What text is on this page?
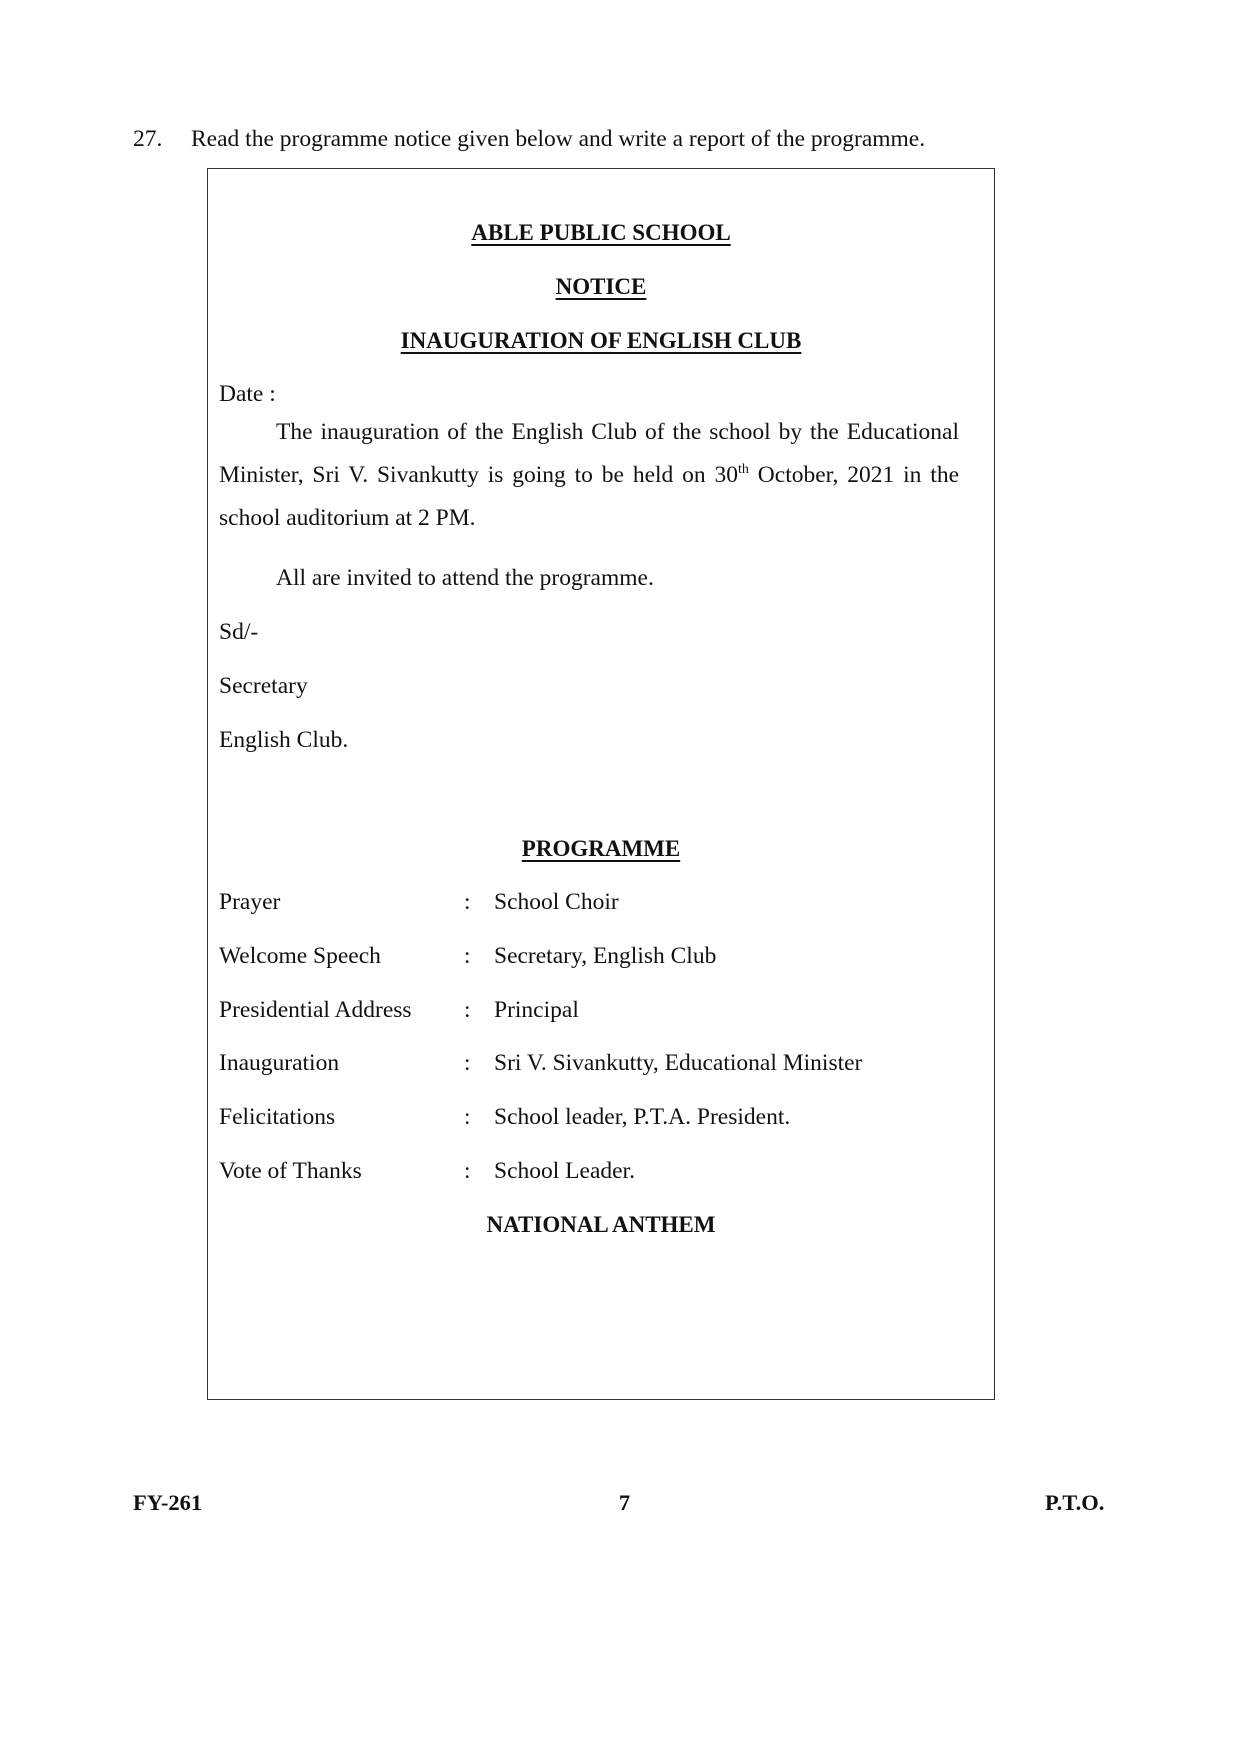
27. Read the programme notice given below and write a report of the programme.
ABLE PUBLIC SCHOOL
NOTICE
INAUGURATION OF ENGLISH CLUB
Date :
The inauguration of the English Club of the school by the Educational Minister, Sri V. Sivankutty is going to be held on 30th October, 2021 in the school auditorium at 2 PM.
All are invited to attend the programme.
Sd/-
Secretary
English Club.
PROGRAMME
Prayer	: School Choir
Welcome Speech	: Secretary, English Club
Presidential Address : Principal
Inauguration	: Sri V. Sivankutty, Educational Minister
Felicitations	: School leader, P.T.A. President.
Vote of Thanks	: School Leader.
NATIONAL ANTHEM
FY-261	7	P.T.O.
